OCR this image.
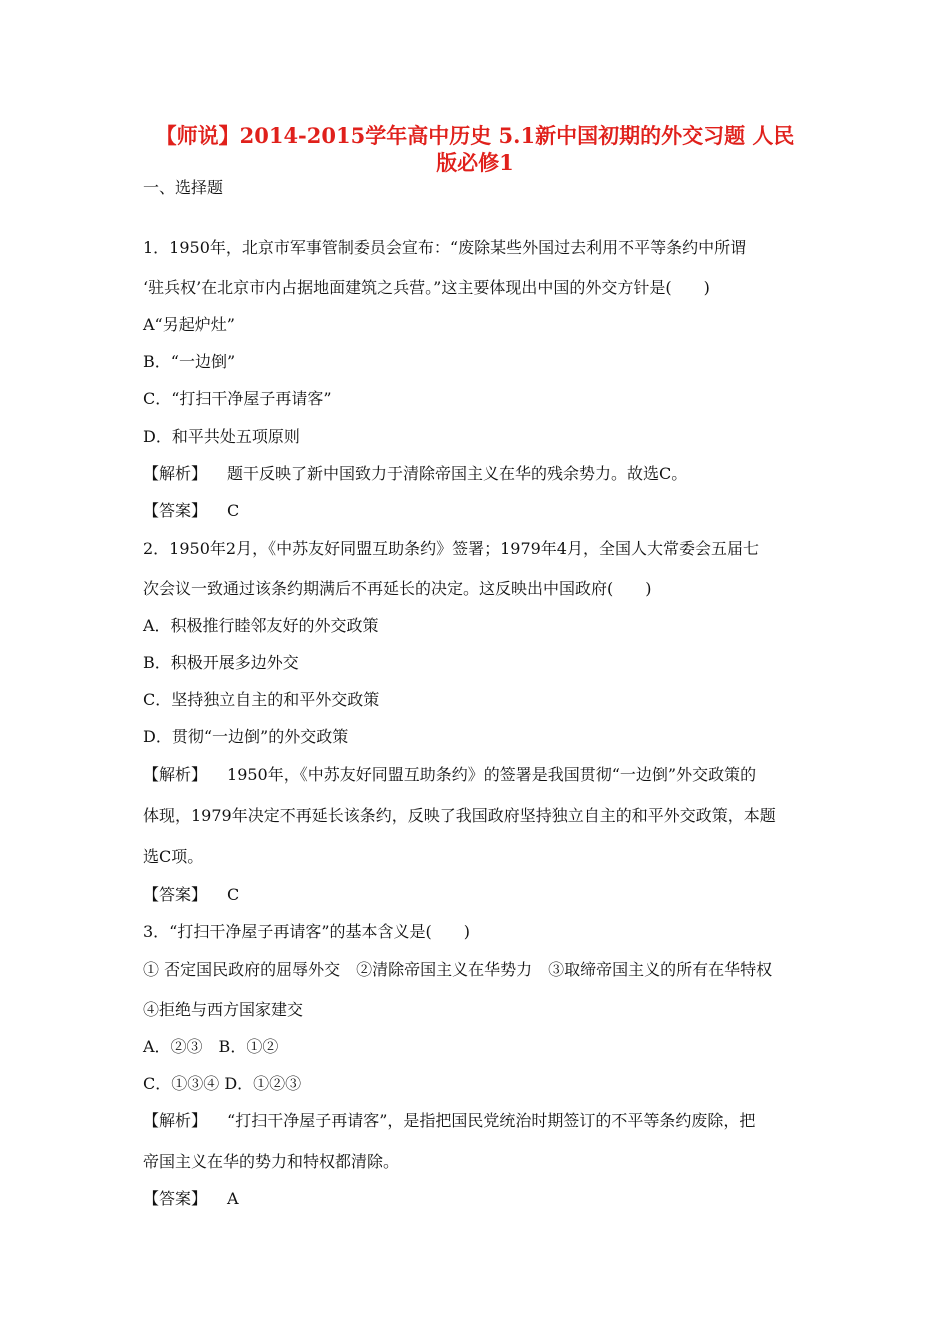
【师说】2014-2015学年高中历史 5.1新中国初期的外交习题 人民
版必修1
一、选择题
1．1950年，北京市军事管制委员会宣布：“废除某些外国过去利用不平等条约中所谓
‘驻兵权’在北京市内占据地面建筑之兵营。”这主要体现出中国的外交方针是(　　)
A“另起炉灶”
B．“一边倒”
C．“打扫干净屋子再请客”
D．和平共处五项原则
【解析】 题干反映了新中国致力于清除帝国主义在华的残余势力。故选C。
【答案】 C
2．1950年2月，《中苏友好同盟互助条约》签署；1979年4月，全国人大常委会五届七
次会议一致通过该条约期满后不再延长的决定。这反映出中国政府(　　)
A．积极推行睦邻友好的外交政策
B．积极开展多边外交
C．坚持独立自主的和平外交政策
D．贯彻“一边倒”的外交政策
【解析】 1950年，《中苏友好同盟互助条约》的签署是我国贯彻“一边倒”外交政策的
体现，1979年决定不再延长该条约，反映了我国政府坚持独立自主的和平外交政策，本题
选C项。
【答案】 C
3．“打扫干净屋子再请客”的基本含义是(　　)
① 否定国民政府的屈辱外交　②清除帝国主义在华势力　③取缔帝国主义的所有在华特权
④拒绝与西方国家建交
A．②③　B．①②
C．①③④ D．①②③
【解析】 “打扫干净屋子再请客”，是指把国民党统治时期签订的不平等条约废除，把
帝国主义在华的势力和特权都清除。
【答案】 A
